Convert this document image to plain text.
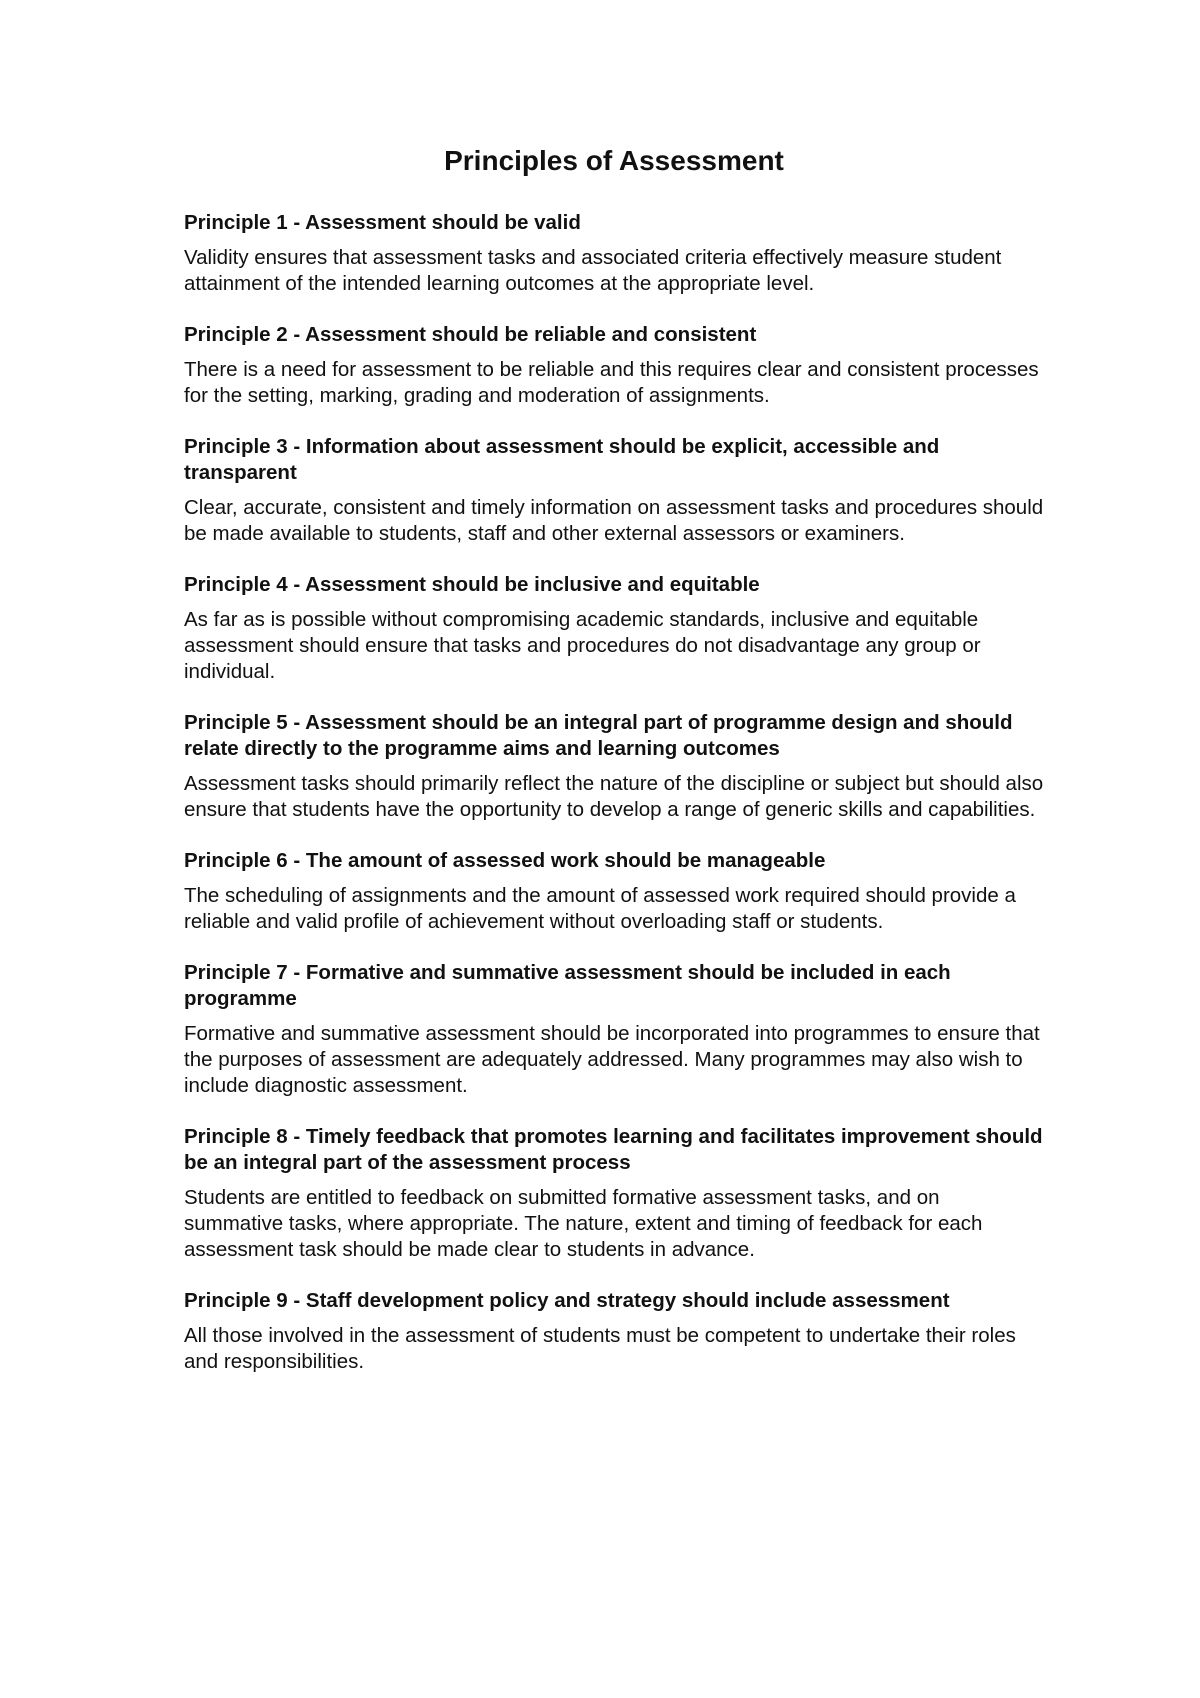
Principles of Assessment
Principle 1 - Assessment should be valid

Validity ensures that assessment tasks and associated criteria effectively measure student attainment of the intended learning outcomes at the appropriate level.

Principle 2 - Assessment should be reliable and consistent

There is a need for assessment to be reliable and this requires clear and consistent processes for the setting, marking, grading and moderation of assignments.

Principle 3 - Information about assessment should be explicit, accessible and transparent

Clear, accurate, consistent and timely information on assessment tasks and procedures should be made available to students, staff and other external assessors or examiners.

Principle 4 - Assessment should be inclusive and equitable

As far as is possible without compromising academic standards, inclusive and equitable assessment should ensure that tasks and procedures do not disadvantage any group or individual.

Principle 5 - Assessment should be an integral part of programme design and should relate directly to the programme aims and learning outcomes

Assessment tasks should primarily reflect the nature of the discipline or subject but should also ensure that students have the opportunity to develop a range of generic skills and capabilities.

Principle 6 - The amount of assessed work should be manageable

The scheduling of assignments and the amount of assessed work required should provide a reliable and valid profile of achievement without overloading staff or students.

Principle 7 - Formative and summative assessment should be included in each programme

Formative and summative assessment should be incorporated into programmes to ensure that the purposes of assessment are adequately addressed. Many programmes may also wish to include diagnostic assessment.

Principle 8 - Timely feedback that promotes learning and facilitates improvement should be an integral part of the assessment process

Students are entitled to feedback on submitted formative assessment tasks, and on summative tasks, where appropriate. The nature, extent and timing of feedback for each assessment task should be made clear to students in advance.

Principle 9 - Staff development policy and strategy should include assessment

All those involved in the assessment of students must be competent to undertake their roles and responsibilities.
